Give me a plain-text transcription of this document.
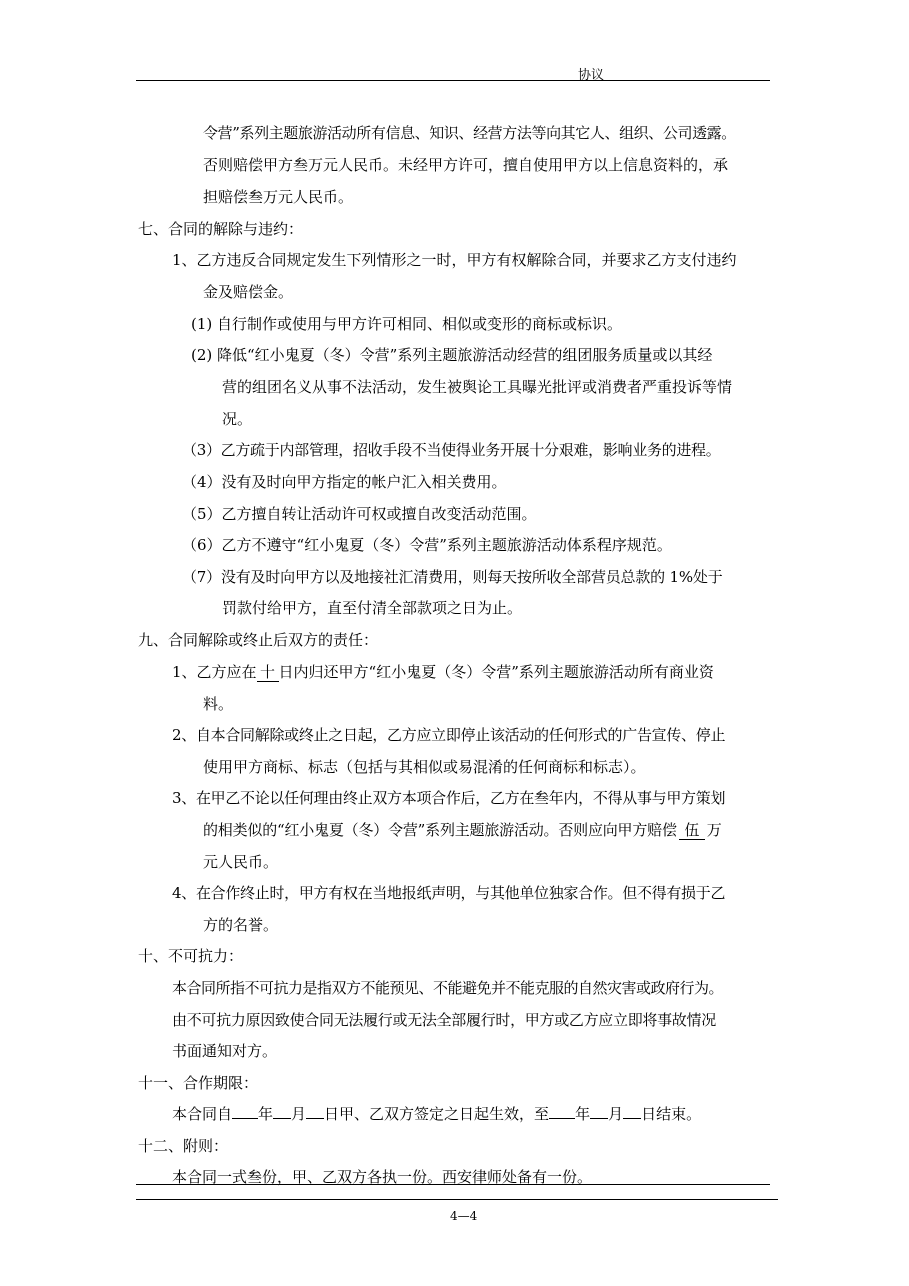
协议
令营”系列主题旅游活动所有信息、知识、经营方法等向其它人、组织、公司透露。
否则赔偿甲方叁万元人民币。未经甲方许可，擅自使用甲方以上信息资料的，承
担赔偿叁万元人民币。
七、合同的解除与违约：
1、乙方违反合同规定发生下列情形之一时，甲方有权解除合同，并要求乙方支付违约
金及赔偿金。
(1) 自行制作或使用与甲方许可相同、相似或变形的商标或标识。
(2) 降低“红小鬼夏（冬）令营”系列主题旅游活动经营的组团服务质量或以其经
营的组团名义从事不法活动，发生被舆论工具曝光批评或消费者严重投诉等情
况。
（3）乙方疏于内部管理，招收手段不当使得业务开展十分艰难，影响业务的进程。
（4）没有及时向甲方指定的帐户汇入相关费用。
（5）乙方擅自转让活动许可权或擅自改变活动范围。
（6）乙方不遵守“红小鬼夏（冬）令营”系列主题旅游活动体系程序规范。
（7）没有及时向甲方以及地接社汇清费用，则每天按所收全部营员总款的 1%处于
罚款付给甲方，直至付清全部款项之日为止。
九、合同解除或终止后双方的责任：
1、乙方应在 十 日内归还甲方“红小鬼夏（冬）令营”系列主题旅游活动所有商业资
料。
2、自本合同解除或终止之日起，乙方应立即停止该活动的任何形式的广告宣传、停止
使用甲方商标、标志（包括与其相似或易混淆的任何商标和标志）。
3、在甲乙不论以任何理由终止双方本项合作后，乙方在叁年内，不得从事与甲方策划
的相类似的“红小鬼夏（冬）令营”系列主题旅游活动。否则应向甲方赔偿 伍 万
元人民币。
4、在合作终止时，甲方有权在当地报纸声明，与其他单位独家合作。但不得有损于乙
方的名誉。
十、不可抗力：
本合同所指不可抗力是指双方不能预见、不能避免并不能克服的自然灾害或政府行为。
由不可抗力原因致使合同无法履行或无法全部履行时，甲方或乙方应立即将事故情况
书面通知对方。
十一、合作期限：
本合同自 年 月 日甲、乙双方签定之日起生效，至 年 月 日结束。
十二、附则：
本合同一式叁份，甲、乙双方各执一份。西安律师处备有一份。
4—4
